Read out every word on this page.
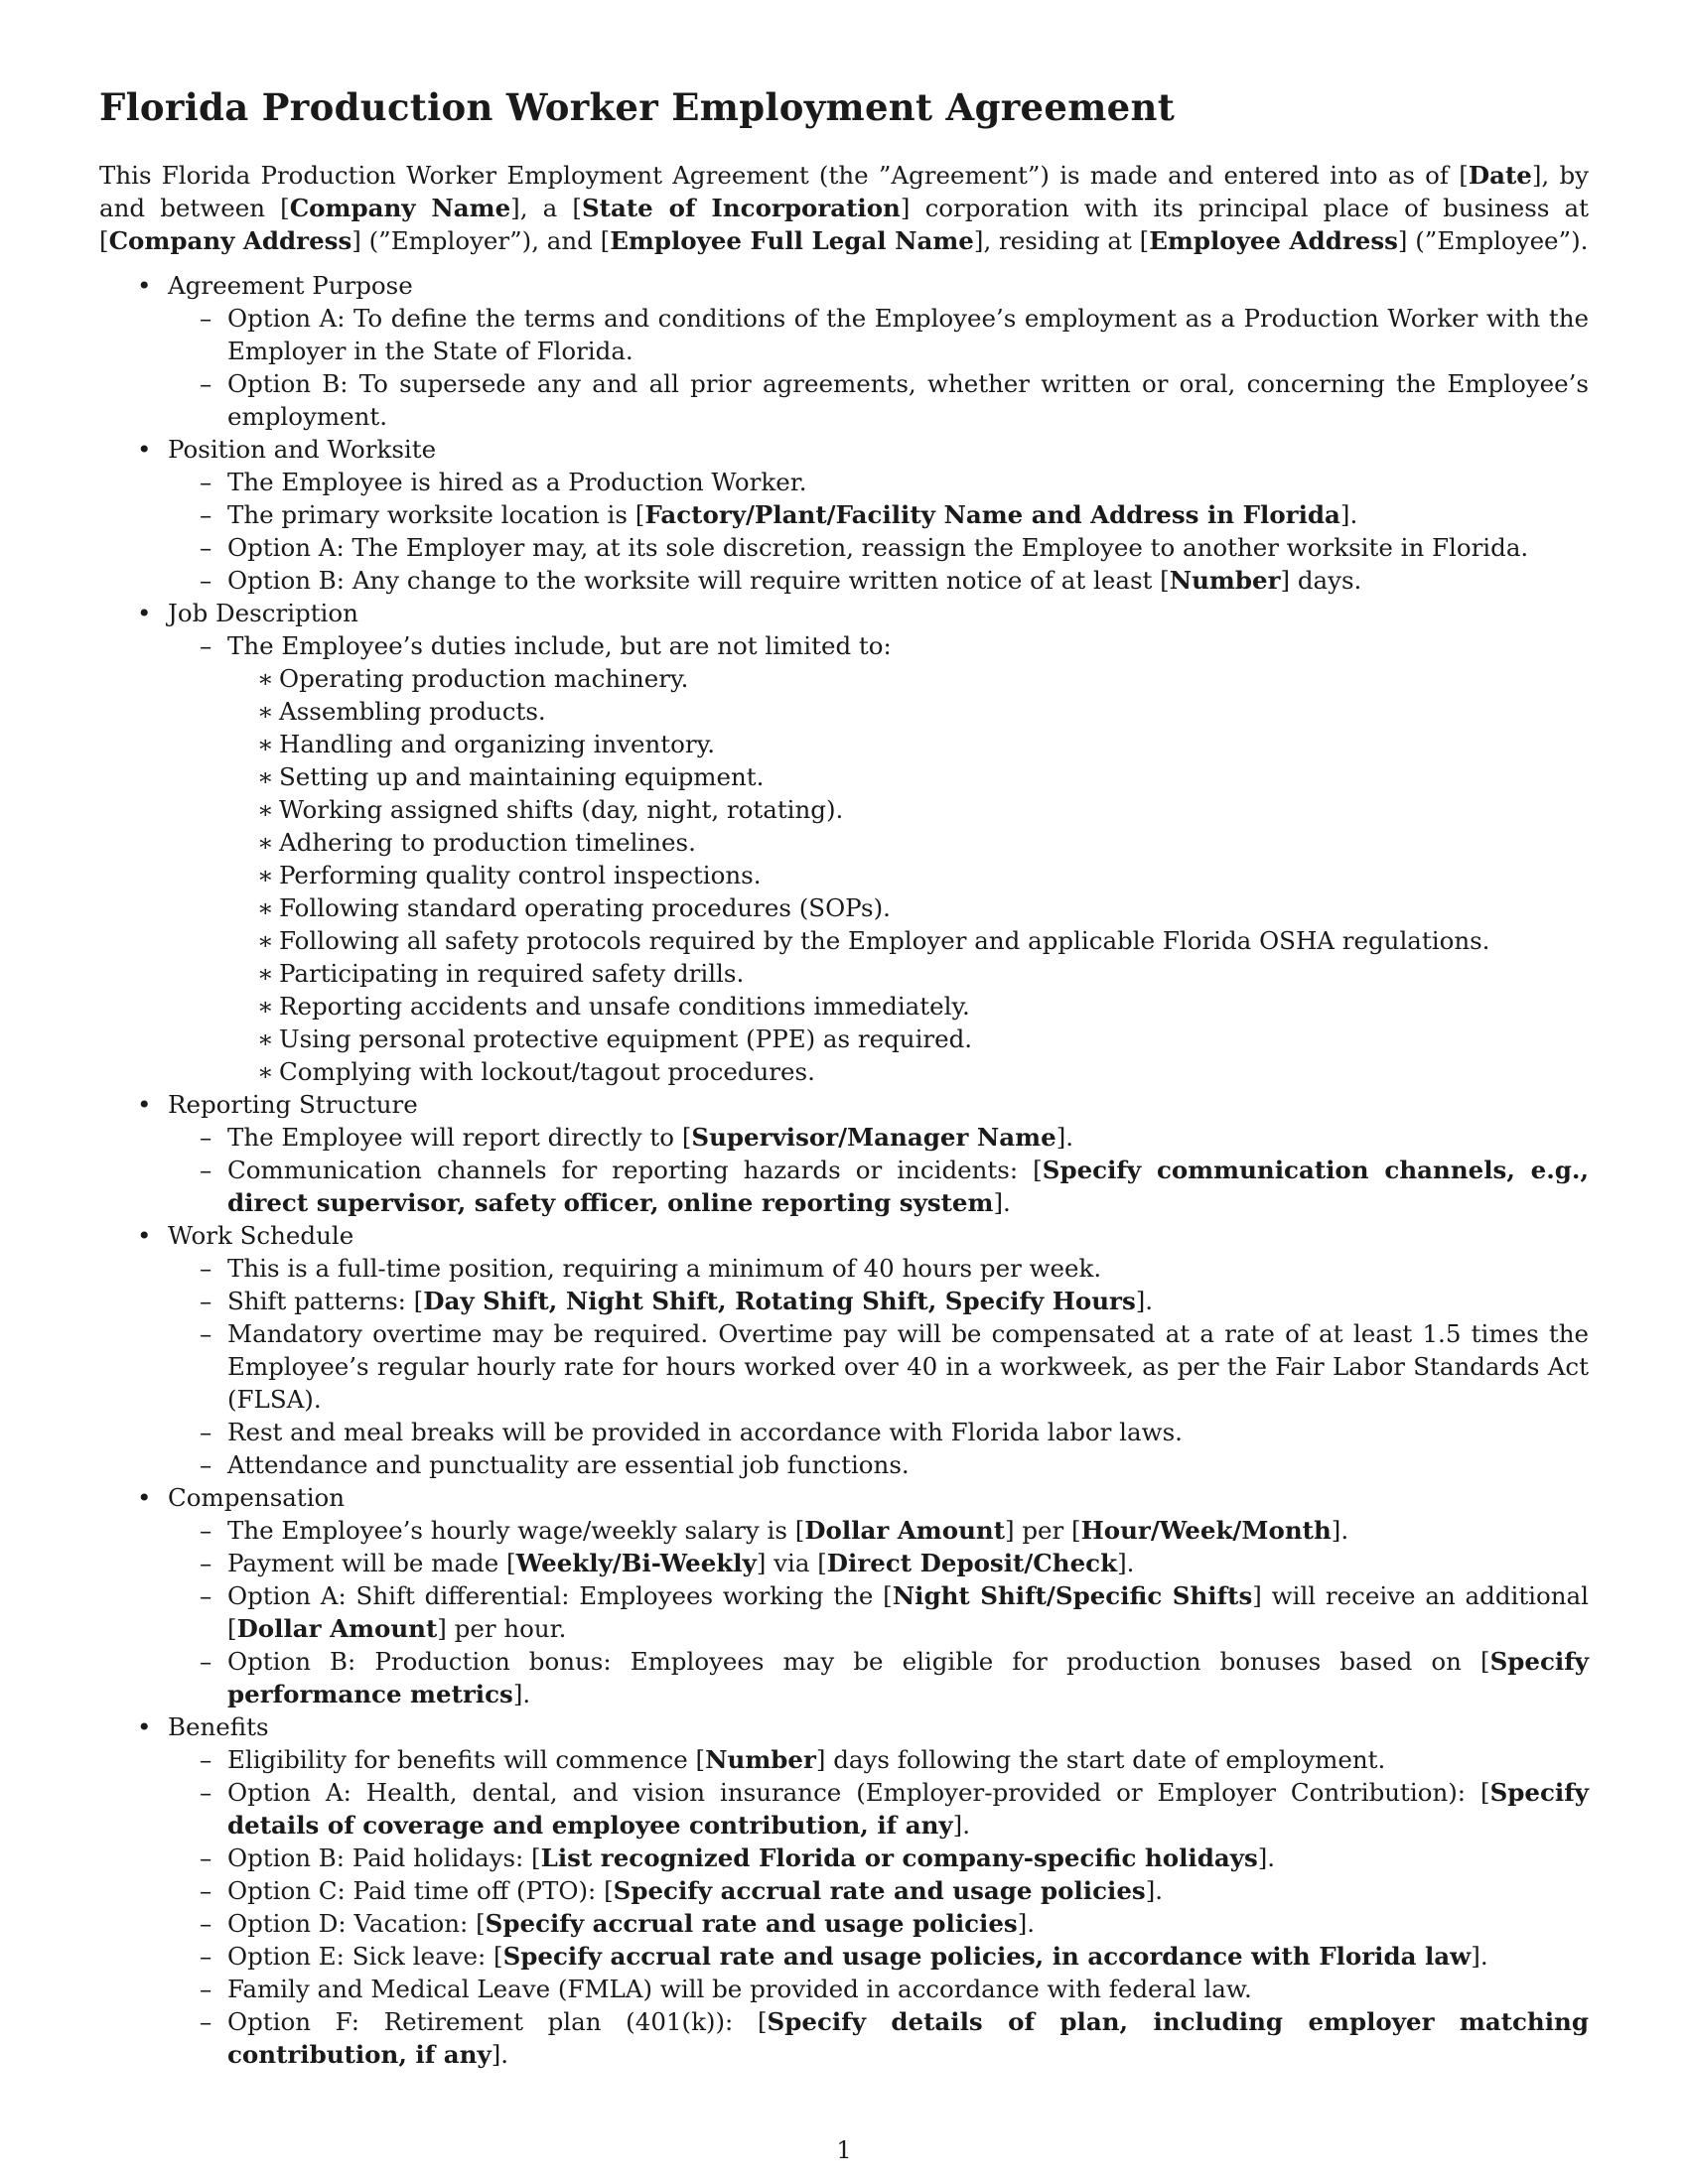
Florida Production Worker Employment Agreement

This Florida Production Worker Employment Agreement (the ”Agreement”) is made and entered into as of [Date], by and between [Company Name], a [State of Incorporation] corporation with its principal place of business at [Company Address] (”Employer”), and [Employee Full Legal Name], residing at [Employee Address] (”Employee”).

• Agreement Purpose
– Option A: To define the terms and conditions of the Employee’s employment as a Production Worker with the Employer in the State of Florida.
– Option B: To supersede any and all prior agreements, whether written or oral, concerning the Employee’s employment.
• Position and Worksite
– The Employee is hired as a Production Worker.
– The primary worksite location is [Factory/Plant/Facility Name and Address in Florida].
– Option A: The Employer may, at its sole discretion, reassign the Employee to another worksite in Florida.
– Option B: Any change to the worksite will require written notice of at least [Number] days.
• Job Description
– The Employee’s duties include, but are not limited to:
∗ Operating production machinery.
∗ Assembling products.
∗ Handling and organizing inventory.
∗ Setting up and maintaining equipment.
∗ Working assigned shifts (day, night, rotating).
∗ Adhering to production timelines.
∗ Performing quality control inspections.
∗ Following standard operating procedures (SOPs).
∗ Following all safety protocols required by the Employer and applicable Florida OSHA regulations.
∗ Participating in required safety drills.
∗ Reporting accidents and unsafe conditions immediately.
∗ Using personal protective equipment (PPE) as required.
∗ Complying with lockout/tagout procedures.
• Reporting Structure
– The Employee will report directly to [Supervisor/Manager Name].
– Communication channels for reporting hazards or incidents: [Specify communication channels, e.g., direct supervisor, safety officer, online reporting system].
• Work Schedule
– This is a full-time position, requiring a minimum of 40 hours per week.
– Shift patterns: [Day Shift, Night Shift, Rotating Shift, Specify Hours].
– Mandatory overtime may be required. Overtime pay will be compensated at a rate of at least 1.5 times the Employee’s regular hourly rate for hours worked over 40 in a workweek, as per the Fair Labor Standards Act (FLSA).
– Rest and meal breaks will be provided in accordance with Florida labor laws.
– Attendance and punctuality are essential job functions.
• Compensation
– The Employee’s hourly wage/weekly salary is [Dollar Amount] per [Hour/Week/Month].
– Payment will be made [Weekly/Bi-Weekly] via [Direct Deposit/Check].
– Option A: Shift differential: Employees working the [Night Shift/Specific Shifts] will receive an additional [Dollar Amount] per hour.
– Option B: Production bonus: Employees may be eligible for production bonuses based on [Specify performance metrics].
• Benefits
– Eligibility for benefits will commence [Number] days following the start date of employment.
– Option A: Health, dental, and vision insurance (Employer-provided or Employer Contribution): [Specify details of coverage and employee contribution, if any].
– Option B: Paid holidays: [List recognized Florida or company-specific holidays].
– Option C: Paid time off (PTO): [Specify accrual rate and usage policies].
– Option D: Vacation: [Specify accrual rate and usage policies].
– Option E: Sick leave: [Specify accrual rate and usage policies, in accordance with Florida law].
– Family and Medical Leave (FMLA) will be provided in accordance with federal law.
– Option F: Retirement plan (401(k)): [Specify details of plan, including employer matching contribution, if any].
1
